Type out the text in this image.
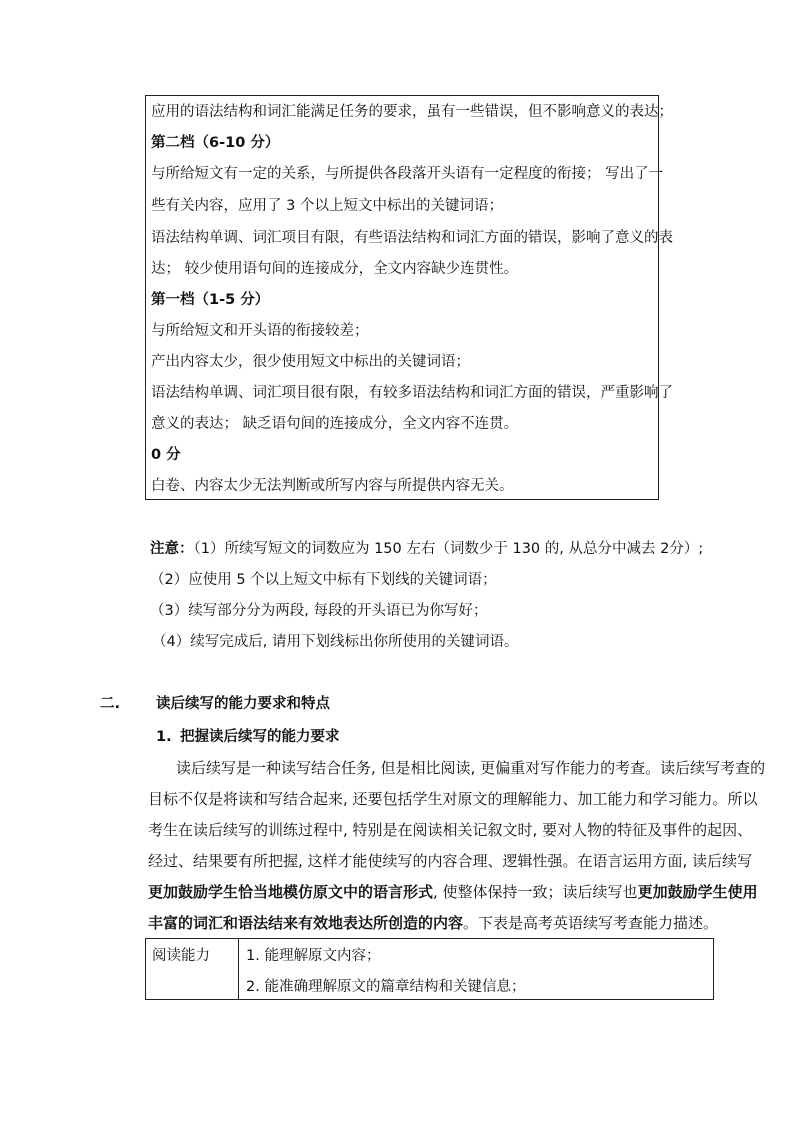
应用的语法结构和词汇能满足任务的要求，虽有一些错误，但不影响意义的表达；
第二档（6-10 分）
与所给短文有一定的关系，与所提供各段落开头语有一定程度的衔接； 写出了一
些有关内容，应用了 3 个以上短文中标出的关键词语；
语法结构单调、词汇项目有限，有些语法结构和词汇方面的错误，影响了意义的表
达； 较少使用语句间的连接成分，全文内容缺少连贯性。
第一档（1-5 分）
与所给短文和开头语的衔接较差；
产出内容太少，很少使用短文中标出的关键词语；
语法结构单调、词汇项目很有限，有较多语法结构和词汇方面的错误，严重影响了
意义的表达； 缺乏语句间的连接成分，全文内容不连贯。
0 分
白卷、内容太少无法判断或所写内容与所提供内容无关。
注意：（1）所续写短文的词数应为 150 左右（词数少于 130 的, 从总分中减去 2分）;
（2）应使用 5 个以上短文中标有下划线的关键词语；
（3）续写部分分为两段, 每段的开头语已为你写好；
（4）续写完成后, 请用下划线标出你所使用的关键词语。
二. 读后续写的能力要求和特点
1. 把握读后续写的能力要求
读后续写是一种读写结合任务, 但是相比阅读, 更偏重对写作能力的考查。读后续写考查的
目标不仅是将读和写结合起来, 还要包括学生对原文的理解能力、加工能力和学习能力。所以
考生在读后续写的训练过程中, 特别是在阅读相关记叙文时, 要对人物的特征及事件的起因、
经过、结果要有所把握, 这样才能使续写的内容合理、逻辑性强。在语言运用方面, 读后续写
更加鼓励学生恰当地模仿原文中的语言形式, 使整体保持一致；读后续写也更加鼓励学生使用
丰富的词汇和语法结来有效地表达所创造的内容。下表是高考英语续写考查能力描述。
阅读能力 1. 能理解原文内容；
2. 能准确理解原文的篇章结构和关键信息；
